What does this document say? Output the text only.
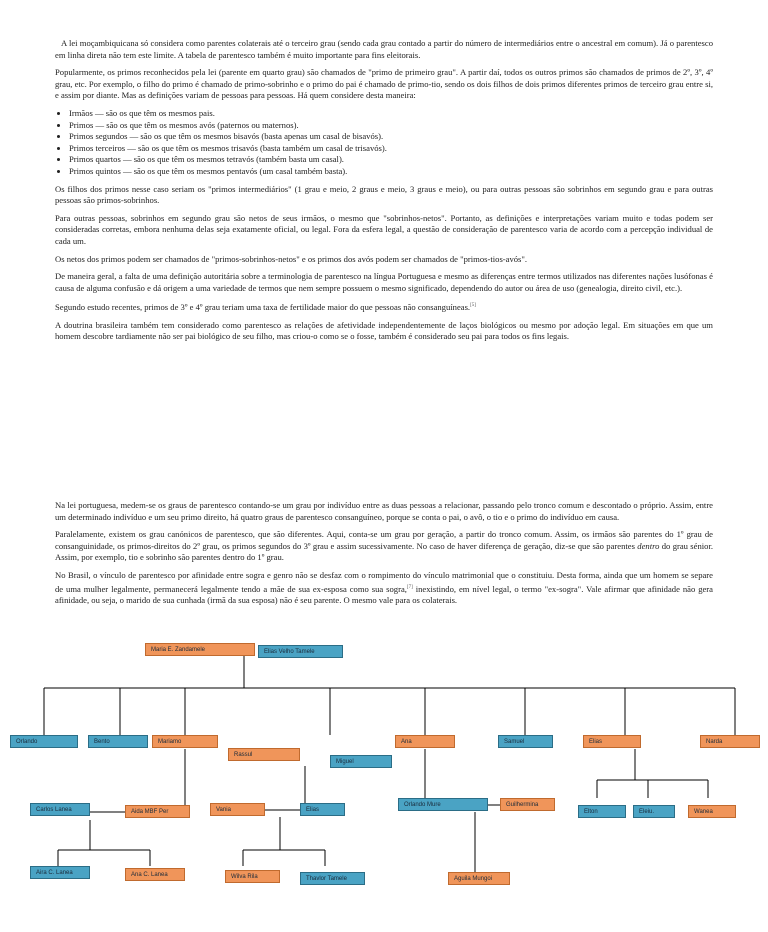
A lei moçambiquicana só considera como parentes colaterais até o terceiro grau (sendo cada grau contado a partir do número de intermediários entre o ancestral em comum). Já o parentesco em linha direta não tem este limite. A tabela de parentesco também é muito importante para fins eleitorais.

Popularmente, os primos reconhecidos pela lei (parente em quarto grau) são chamados de "primo de primeiro grau". A partir daí, todos os outros primos são chamados de primos de 2º, 3º, 4º grau, etc. Por exemplo, o filho do primo é chamado de primo-sobrinho e o primo do pai é chamado de primo-tio, sendo os dois filhos de dois primos diferentes primos de terceiro grau entre si, e assim por diante. Mas as definições variam de pessoas para pessoas. Há quem considere desta maneira:

• Irmãos — são os que têm os mesmos pais.
• Primos — são os que têm os mesmos avós (paternos ou maternos).
• Primos segundos — são os que têm os mesmos bisavós (basta apenas um casal de bisavós).
• Primos terceiros — são os que têm os mesmos trisavós (basta também um casal de trisavós).
• Primos quartos — são os que têm os mesmos tetravós (também basta um casal).
• Primos quintos — são os que têm os mesmos pentavós (um casal também basta).

Os filhos dos primos nesse caso seriam os "primos intermediários" (1 grau e meio, 2 graus e meio, 3 graus e meio), ou para outras pessoas são sobrinhos em segundo grau e para outras pessoas são primos-sobrinhos.

Para outras pessoas, sobrinhos em segundo grau são netos de seus irmãos, o mesmo que "sobrinhos-netos". Portanto, as definições e interpretações variam muito e todas podem ser consideradas corretas, embora nenhuma delas seja exatamente oficial, ou legal. Fora da esfera legal, a questão de consideração de parentesco varia de acordo com a percepção individual de cada um.

Os netos dos primos podem ser chamados de "primos-sobrinhos-netos" e os primos dos avós podem ser chamados de "primos-tios-avós".

De maneira geral, a falta de uma definição autoritária sobre a terminologia de parentesco na língua Portuguesa e mesmo as diferenças entre termos utilizados nas diferentes nações lusófonas é causa de alguma confusão e dá origem a uma variedade de termos que nem sempre possuem o mesmo significado, dependendo do autor ou área de uso (genealogia, direito civil, etc.).

Segundo estudo recentes, primos de 3º e 4º grau teriam uma taxa de fertilidade maior do que pessoas não consanguíneas.[5]

A doutrina brasileira também tem considerado como parentesco as relações de afetividade independentemente de laços biológicos ou mesmo por adoção legal. Em situações em que um homem descobre tardiamente não ser pai biológico de seu filho, mas criou-o como se o fosse, também é considerado seu pai para todos os fins legais.

Na lei portuguesa, medem-se os graus de parentesco contando-se um grau por indivíduo entre as duas pessoas a relacionar, passando pelo tronco comum e descontado o próprio. Assim, entre um determinado indivíduo e um seu primo direito, há quatro graus de parentesco consanguíneo, porque se conta o pai, o avô, o tio e o primo do indivíduo em causa.

Paralelamente, existem os grau canónicos de parentesco, que são diferentes. Aqui, conta-se um grau por geração, a partir do tronco comum. Assim, os irmãos são parentes do 1º grau de consanguinidade, os primos-direitos do 2º grau, os primos segundos do 3º grau e assim sucessivamente. No caso de haver diferença de geração, diz-se que são parentes dentro do grau sénior. Assim, por exemplo, tio e sobrinho são parentes dentro do 1º grau.

No Brasil, o vínculo de parentesco por afinidade entre sogra e genro não se desfaz com o rompimento do vínculo matrimonial que o constituiu. Desta forma, ainda que um homem se separe de uma mulher legalmente, permanecerá legalmente tendo a mãe de sua ex-esposa como sua sogra,[7] inexistindo, em nível legal, o termo "ex-sogra". Vale afirmar que afinidade não gera afinidade, ou seja, o marido de sua cunhada (irmã da sua esposa) não é seu parente. O mesmo vale para os colaterais.

Maria E. Zandamele	Elias Velho Tamele
Orlando	Bento	Mariamo
Rassul
Miguel
Ana	Samuel	Elias	Narda
Carlos Lanea	Aida MBF Per	Vania	Elias
Orlando Mure	Guilhermina
Elton	Eleiu.	Wanea
Aira C. Lanea	Ana C. Lanea	Wilva Rila	Thavlor Tamele	Aguila Mungoi
